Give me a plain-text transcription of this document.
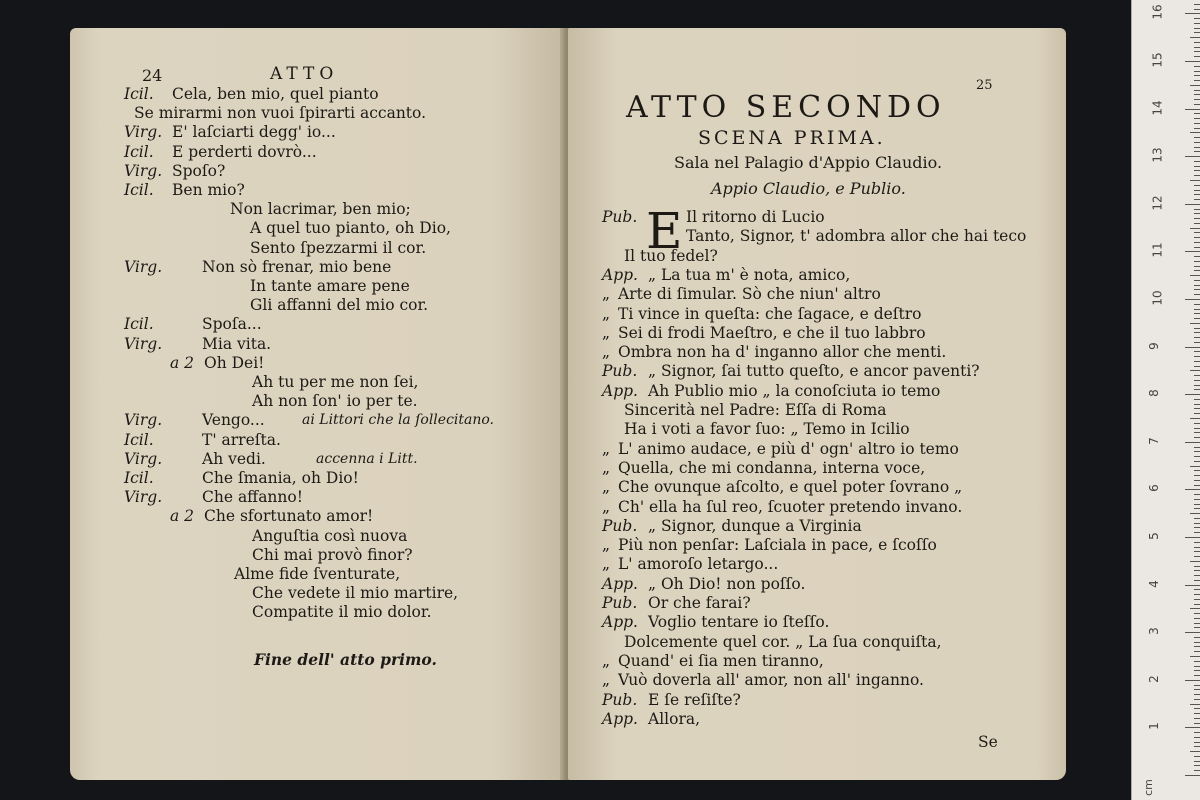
24	ATTO
Icil. Cela, ben mio, quel pianto
Se mirarmi non vuoi ſpirarti accanto.
Virg. E' laſciarti degg' io...
Icil. E perderti dovrò...
Virg. Spoſo?
Icil. Ben mio?
Non lacrimar, ben mio;
A quel tuo pianto, oh Dio,
Sento ſpezzarmi il cor.
Virg.	Non sò frenar, mio bene
In tante amare pene
Gli affanni del mio cor.
Icil.	Spoſa...
Virg.	Mia vita.
a 2 Oh Dei!
Ah tu per me non ſei,
Ah non ſon' io per te.
Virg.	Vengo...	ai Littori che la ſollecitano.
Icil.	T' arreſta.
Virg.	Ah vedi.	accenna i Litt.
Icil.	Che ſmania, oh Dio!
Virg.	Che affanno!
a 2 Che sfortunato amor!
Anguſtia così nuova
Chi mai provò finor?
Alme fide ſventurate,
Che vedete il mio martire,
Compatite il mio dolor.
Fine dell' atto primo.
25
ATTO SECONDO
SCENA PRIMA.
Sala nel Palagio d'Appio Claudio.
Appio Claudio, e Publio.
E
Pub.	Il ritorno di Lucio
Tanto, Signor, t' adombra allor che hai teco
Il tuo fedel?
App. „ La tua m' è nota, amico,
„ Arte di ſimular. Sò che niun' altro
„ Ti vince in queſta: che ſagace, e deſtro
„ Sei di frodi Maeſtro, e che il tuo labbro
„ Ombra non ha d' inganno allor che menti.
Pub. „ Signor, ſai tutto queſto, e ancor paventi?
App. Ah Publio mio „ la conoſciuta io temo
Sincerità nel Padre: Eſſa di Roma
Ha i voti a favor ſuo: „ Temo in Icilio
„ L' animo audace, e più d' ogn' altro io temo
„ Quella, che mi condanna, interna voce,
„ Che ovunque aſcolto, e quel poter ſovrano „
„ Ch' ella ha ſul reo, ſcuoter pretendo invano.
Pub. „ Signor, dunque a Virginia
„ Più non penſar: Laſciala in pace, e ſcoſſo
„ L' amoroſo letargo...
App. „ Oh Dio! non poſſo.
Pub. Or che farai?
App. Voglio tentare io ſteſſo.
Dolcemente quel cor. „ La ſua conquiſta,
„ Quand' ei ſia men tiranno,
„ Vuò doverla all' amor, non all' inganno.
Pub. E ſe reſiſte?
App. Allora,
Se
cm
1
2
3
4
5
6
7
8
9
10
11
12
13
14
15
16
